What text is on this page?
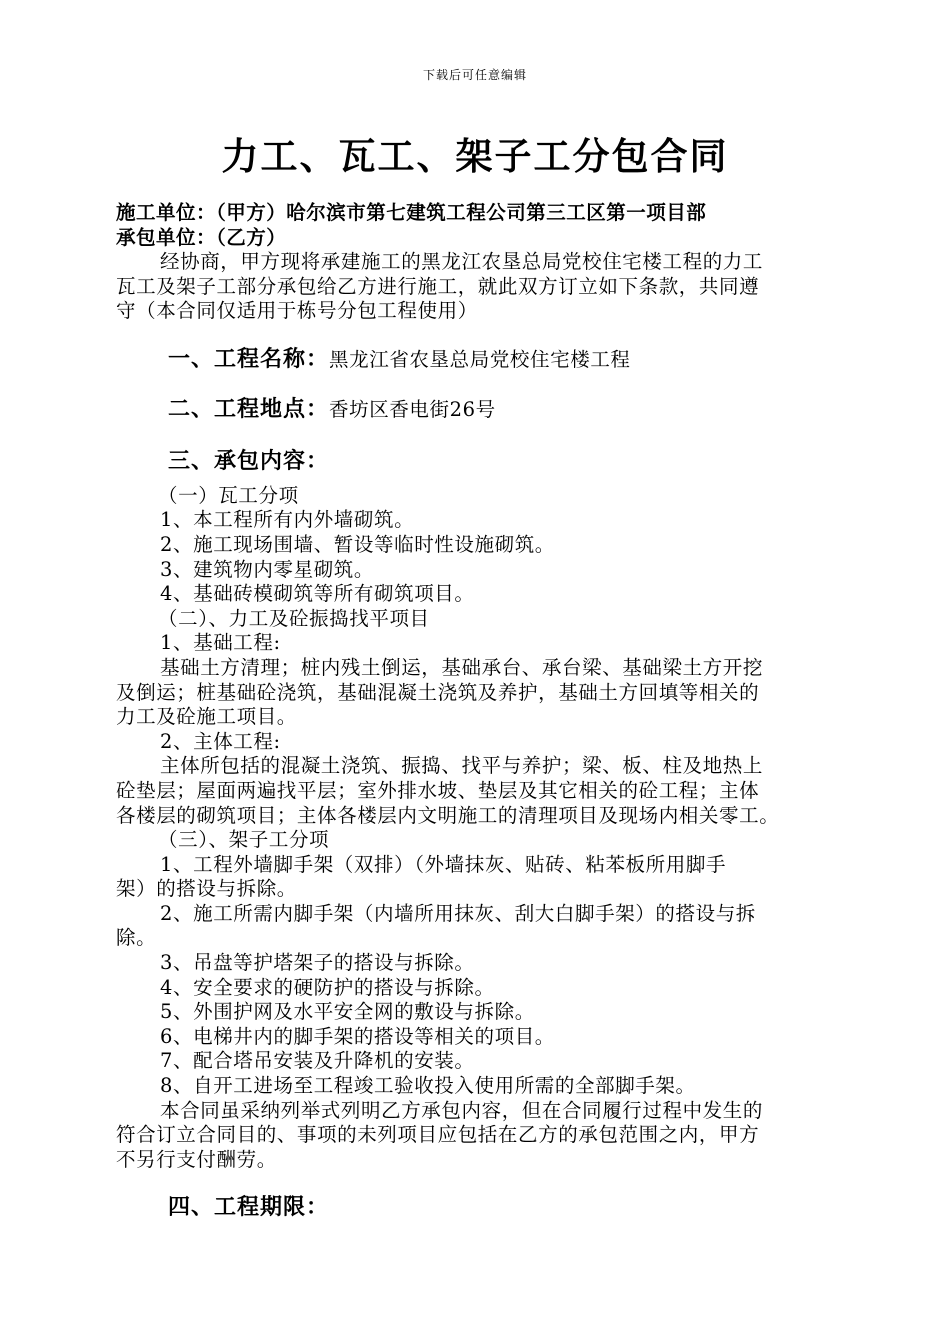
下载后可任意编辑
力工、瓦工、架子工分包合同
施工单位：（甲方）哈尔滨市第七建筑工程公司第三工区第一项目部
承包单位：（乙方）
经协商，甲方现将承建施工的黑龙江农垦总局党校住宅楼工程的力工
瓦工及架子工部分承包给乙方进行施工，就此双方订立如下条款，共同遵
守（本合同仅适用于栋号分包工程使用）
一、工程名称：黑龙江省农垦总局党校住宅楼工程
二、工程地点：香坊区香电街26号
三、承包内容：
（一）瓦工分项
1、本工程所有内外墙砌筑。
2、施工现场围墙、暂设等临时性设施砌筑。
3、建筑物内零星砌筑。
4、基础砖模砌筑等所有砌筑项目。
（二）、力工及砼振捣找平项目
1、基础工程:
基础土方清理；桩内残土倒运，基础承台、承台梁、基础梁土方开挖
及倒运；桩基础砼浇筑，基础混凝土浇筑及养护，基础土方回填等相关的
力工及砼施工项目。
2、主体工程:
主体所包括的混凝土浇筑、振捣、找平与养护；梁、板、柱及地热上
砼垫层；屋面两遍找平层；室外排水坡、垫层及其它相关的砼工程；主体
各楼层的砌筑项目；主体各楼层内文明施工的清理项目及现场内相关零工。
（三）、架子工分项
1、工程外墙脚手架（双排）（外墙抹灰、贴砖、粘苯板所用脚手
架）的搭设与拆除。
2、施工所需内脚手架（内墙所用抹灰、刮大白脚手架）的搭设与拆
除。
3、吊盘等护塔架子的搭设与拆除。
4、安全要求的硬防护的搭设与拆除。
5、外围护网及水平安全网的敷设与拆除。
6、电梯井内的脚手架的搭设等相关的项目。
7、配合塔吊安装及升降机的安装。
8、自开工进场至工程竣工验收投入使用所需的全部脚手架。
本合同虽采纳列举式列明乙方承包内容，但在合同履行过程中发生的
符合订立合同目的、事项的未列项目应包括在乙方的承包范围之内，甲方
不另行支付酬劳。
四、工程期限：
